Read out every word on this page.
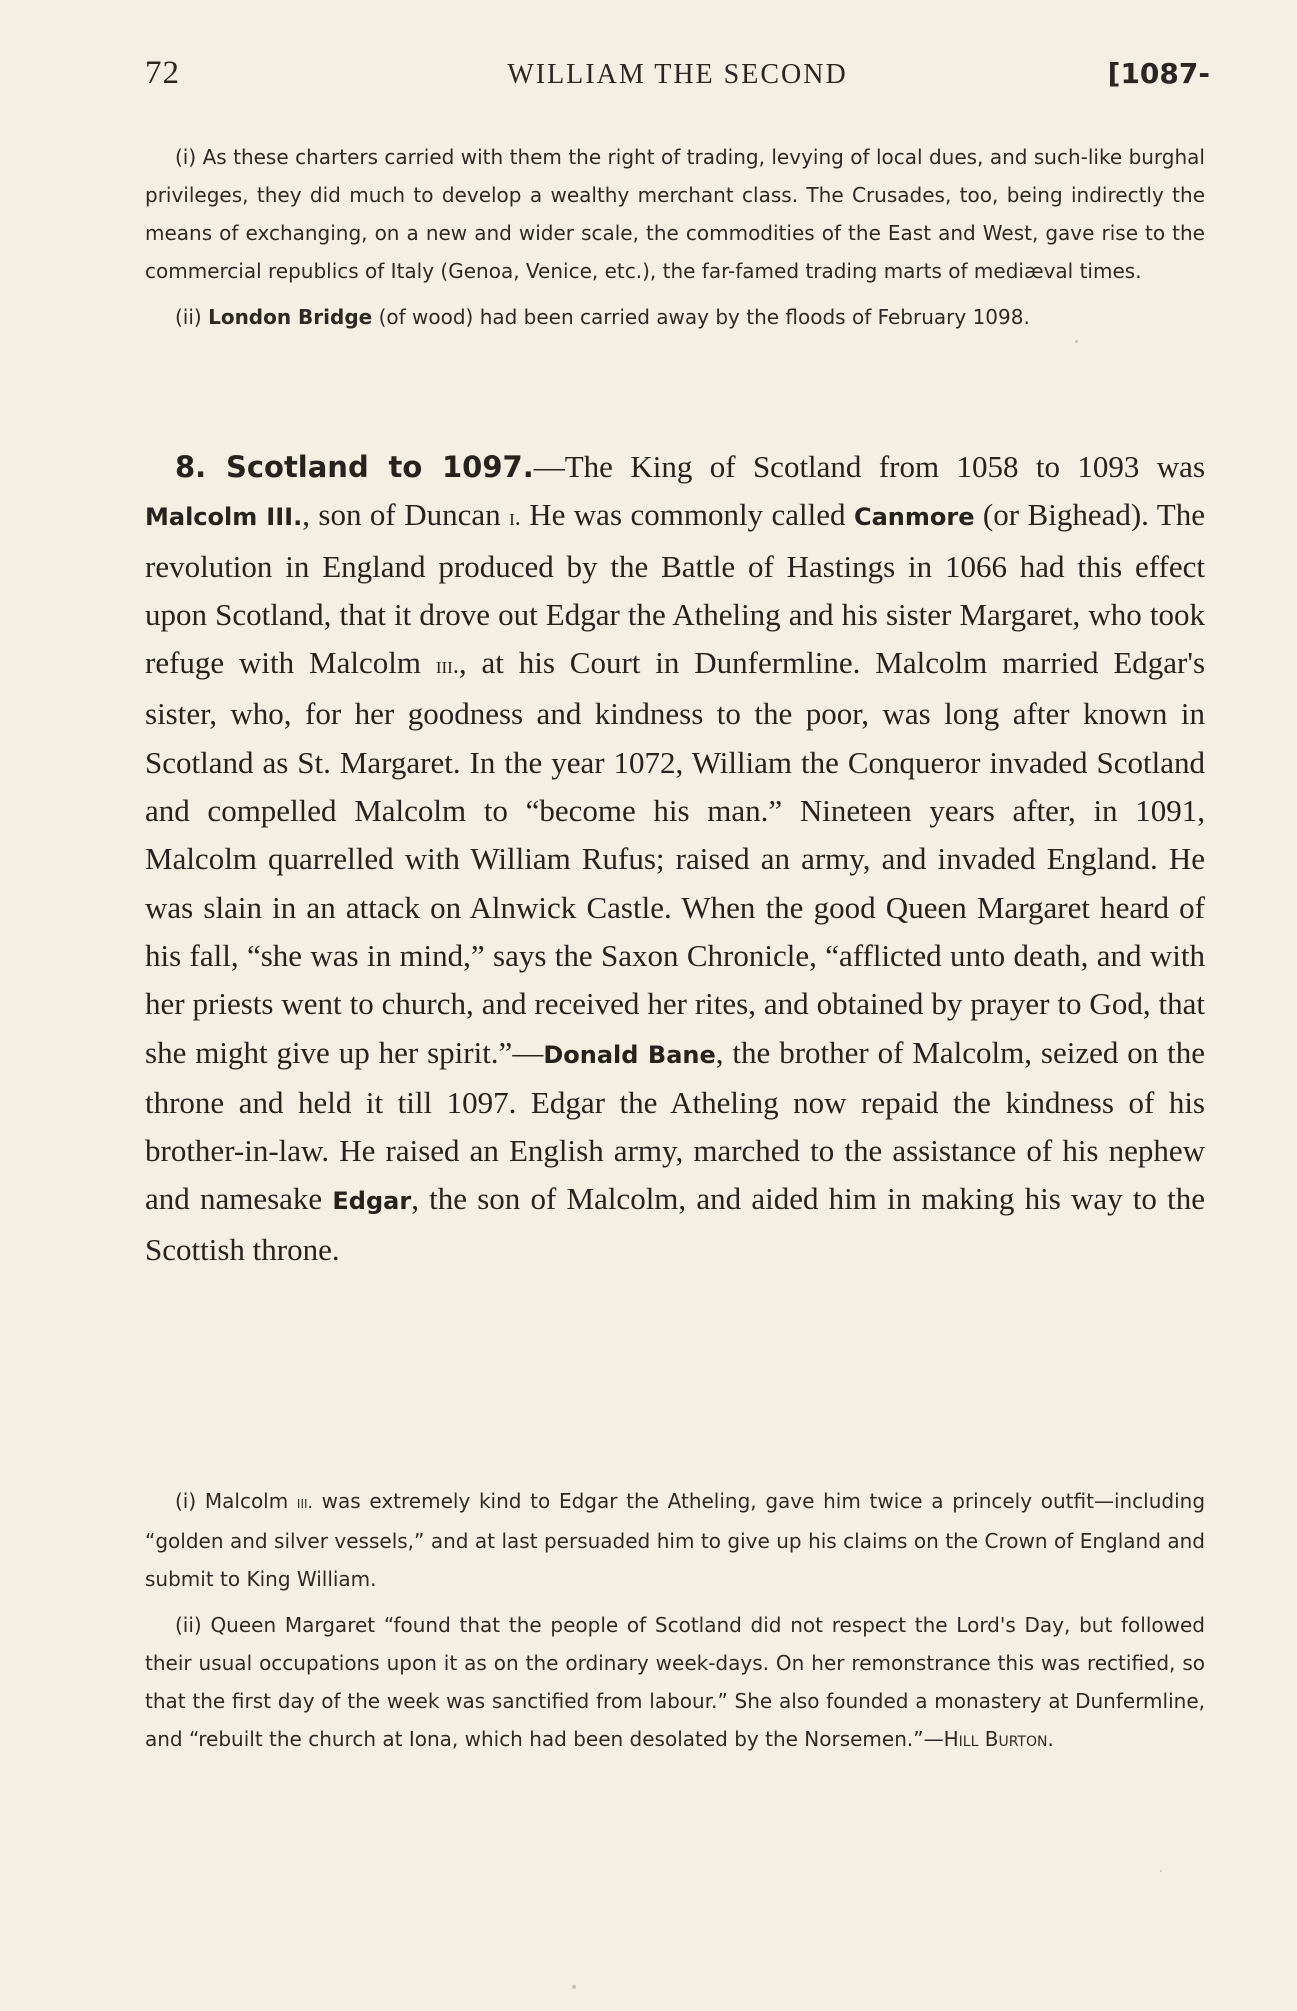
72	WILLIAM THE SECOND	[1087-

(i) As these charters carried with them the right of trading, levying of local dues, and such-like burghal privileges, they did much to develop a wealthy merchant class. The Crusades, too, being indirectly the means of exchanging, on a new and wider scale, the commodities of the East and West, gave rise to the commercial republics of Italy (Genoa, Venice, etc.), the far-famed trading marts of mediæval times.

(ii) London Bridge (of wood) had been carried away by the floods of February 1098.

8. Scotland to 1097.—The King of Scotland from 1058 to 1093 was Malcolm III., son of Duncan i. He was commonly called Canmore (or Bighead). The revolution in England produced by the Battle of Hastings in 1066 had this effect upon Scotland, that it drove out Edgar the Atheling and his sister Margaret, who took refuge with Malcolm iii., at his Court in Dunfermline. Malcolm married Edgar's sister, who, for her goodness and kindness to the poor, was long after known in Scotland as St. Margaret. In the year 1072, William the Conqueror invaded Scotland and compelled Malcolm to “become his man.” Nineteen years after, in 1091, Malcolm quarrelled with William Rufus; raised an army, and invaded England. He was slain in an attack on Alnwick Castle. When the good Queen Margaret heard of his fall, “she was in mind,” says the Saxon Chronicle, “afflicted unto death, and with her priests went to church, and received her rites, and obtained by prayer to God, that she might give up her spirit.”—Donald Bane, the brother of Malcolm, seized on the throne and held it till 1097. Edgar the Atheling now repaid the kindness of his brother-in-law. He raised an English army, marched to the assistance of his nephew and namesake Edgar, the son of Malcolm, and aided him in making his way to the Scottish throne.

(i) Malcolm iii. was extremely kind to Edgar the Atheling, gave him twice a princely outfit—including “golden and silver vessels,” and at last persuaded him to give up his claims on the Crown of England and submit to King William.

(ii) Queen Margaret “found that the people of Scotland did not respect the Lord's Day, but followed their usual occupations upon it as on the ordinary week-days. On her remonstrance this was rectified, so that the first day of the week was sanctified from labour.” She also founded a monastery at Dunfermline, and “rebuilt the church at Iona, which had been desolated by the Norsemen.”—Hill Burton.
